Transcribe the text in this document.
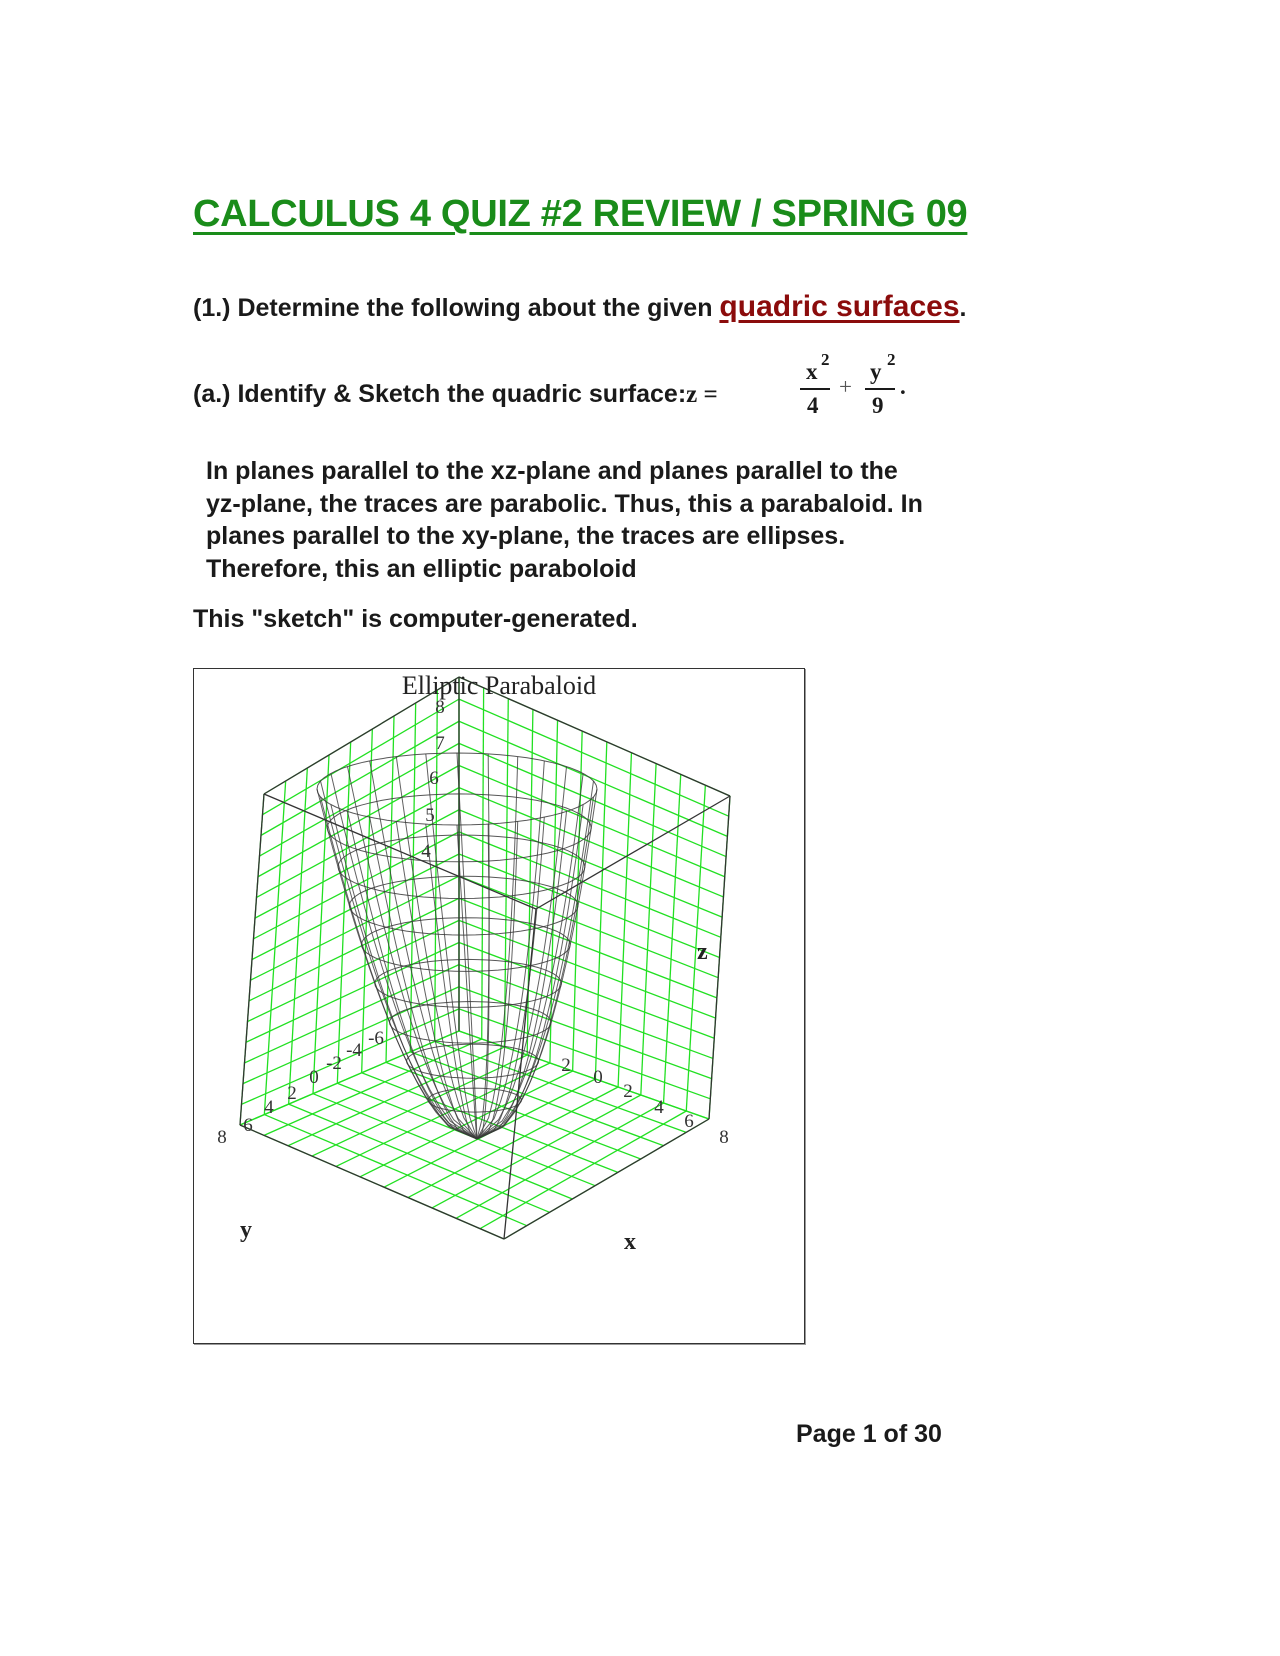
CALCULUS 4 QUIZ #2 REVIEW / SPRING 09
(1.) Determine the following about the given quadric surfaces.
(a.) Identify & Sketch the quadric surface:z =
x 2
4
+
y 2
9
.
In planes parallel to the xz-plane and planes parallel to the
yz-plane, the traces are parabolic. Thus, this a parabaloid. In
planes parallel to the xy-plane, the traces are ellipses.
Therefore, this an elliptic paraboloid
This "sketch" is computer-generated.
Elliptic Parabaloid
8
7
6
5
4
2
0
2
4
6
8
8
6
4
2
0
-2
-4
-6
z
x
y
Page 1 of 30
